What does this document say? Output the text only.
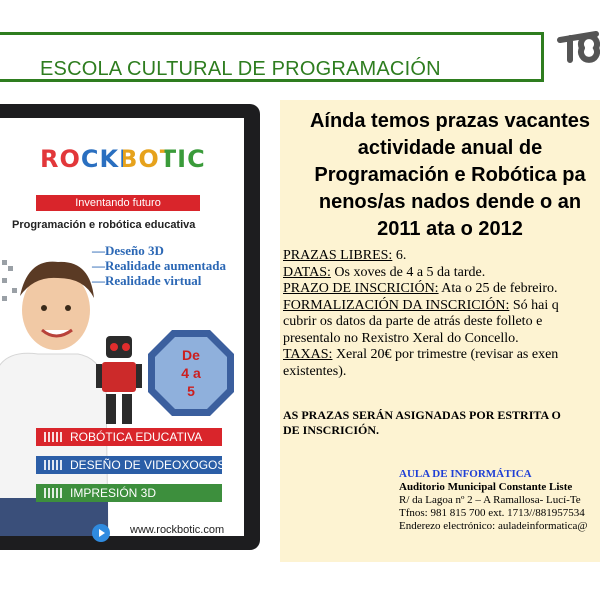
ESCOLA CULTURAL DE PROGRAMACIÓN
ROCKBOTIC
Inventando futuro
Programación e robótica educativa
—Deseño 3D
—Realidade aumentada
—Realidade virtual
De
4 a
5
ROBÓTICA EDUCATIVA
DESEÑO DE VIDEOXOGOS
IMPRESIÓN 3D
www.rockbotic.com
Aínda temos prazas vacantes
actividade anual de
Programación e Robótica pa
nenos/as nados dende o an
2011 ata o 2012
PRAZAS LIBRES: 6.
DATAS: Os xoves de 4 a 5 da tarde.
PRAZO DE INSCRICIÓN: Ata o 25 de febreiro.
FORMALIZACIÓN DA INSCRICIÓN: Só hai q
cubrir os datos da parte de atrás deste folleto e
presentalo no Rexistro Xeral do Concello.
TAXAS: Xeral 20€ por trimestre (revisar as exen
existentes).
AS PRAZAS SERÁN ASIGNADAS POR ESTRITA O
DE INSCRICIÓN.
AULA DE INFORMÁTICA
Auditorio Municipal Constante Liste
R/ da Lagoa nº 2 – A Ramallosa- Lucí-Te
Tfnos: 981 815 700 ext. 1713//881957534
Enderezo electrónico: auladeinformatica@
